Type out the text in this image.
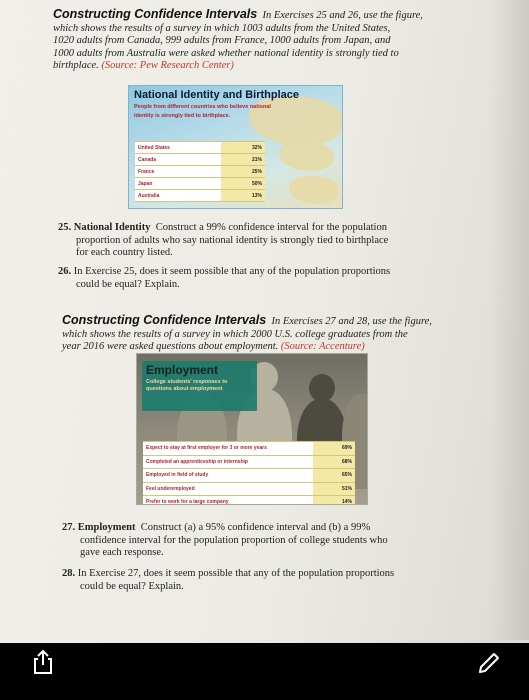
Constructing Confidence Intervals In Exercises 25 and 26, use the figure,
which shows the results of a survey in which 1003 adults from the United States,
1020 adults from Canada, 999 adults from France, 1000 adults from Japan, and
1000 adults from Australia were asked whether national identity is strongly tied to
birthplace. (Source: Pew Research Center)
National Identity and Birthplace
People from different countries who believe national
identity is strongly tied to birthplace.
United States	32%
Canada	21%
France	25%
Japan	50%
Australia	13%
25. National Identity Construct a 99% confidence interval for the population
proportion of adults who say national identity is strongly tied to birthplace
for each country listed.
26. In Exercise 25, does it seem possible that any of the population proportions
could be equal? Explain.
Constructing Confidence Intervals In Exercises 27 and 28, use the figure,
which shows the results of a survey in which 2000 U.S. college graduates from the
year 2016 were asked questions about employment. (Source: Accenture)
Employment
College students' responses to
questions about employment
Expect to stay at first employer for 3 or more years	69%
Completed an apprenticeship or internship	68%
Employed in field of study	65%
Feel underemployed	51%
Prefer to work for a large company	14%
27. Employment Construct (a) a 95% confidence interval and (b) a 99%
confidence interval for the population proportion of college students who
gave each response.
28. In Exercise 27, does it seem possible that any of the population proportions
could be equal? Explain.
